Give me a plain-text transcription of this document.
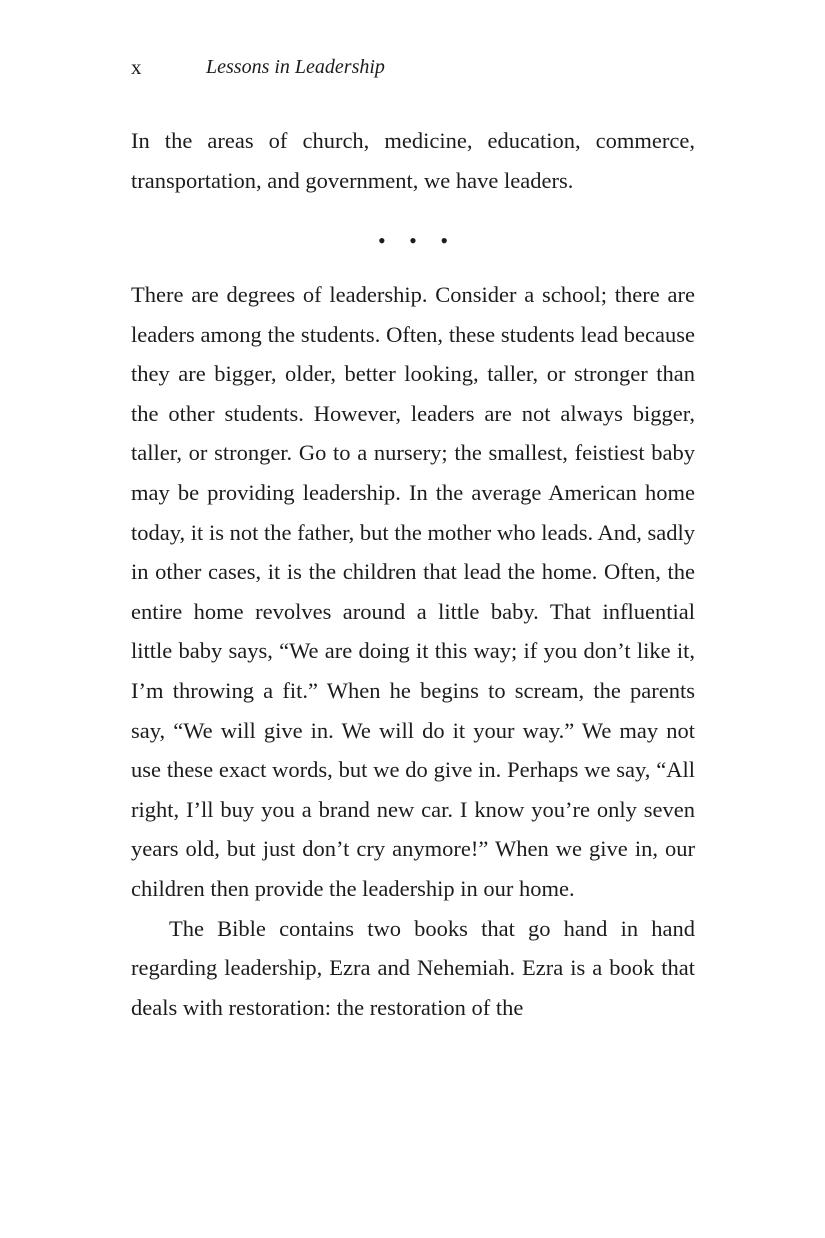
x	Lessons in Leadership

In the areas of church, medicine, education, commerce, transportation, and government, we have leaders.

• • •

There are degrees of leadership. Consider a school; there are leaders among the students. Often, these students lead because they are bigger, older, better looking, taller, or stronger than the other students. However, leaders are not always bigger, taller, or stronger. Go to a nursery; the smallest, feistiest baby may be providing leadership. In the average American home today, it is not the father, but the mother who leads. And, sadly in other cases, it is the children that lead the home. Often, the entire home revolves around a little baby. That influential little baby says, “We are doing it this way; if you don’t like it, I’m throwing a fit.” When he begins to scream, the parents say, “We will give in. We will do it your way.” We may not use these exact words, but we do give in. Perhaps we say, “All right, I’ll buy you a brand new car. I know you’re only seven years old, but just don’t cry anymore!” When we give in, our children then provide the leadership in our home.

The Bible contains two books that go hand in hand regarding leadership, Ezra and Nehemiah. Ezra is a book that deals with restoration: the restoration of the
